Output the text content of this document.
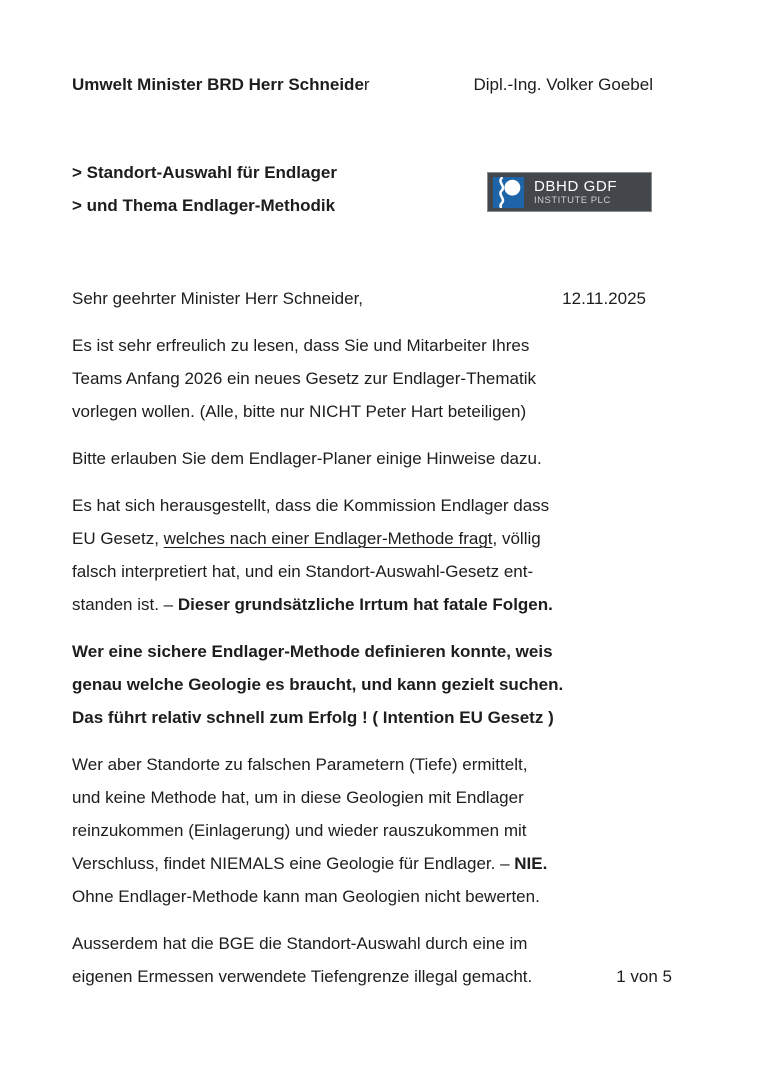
Umwelt Minister BRD Herr Schneider	Dipl.-Ing. Volker Goebel
> Standort-Auswahl für Endlager
> und Thema Endlager-Methodik
DBHD GDF
INSTITUTE PLC
Sehr geehrter Minister Herr Schneider,	12.11.2025
Es ist sehr erfreulich zu lesen, dass Sie und Mitarbeiter Ihres
Teams Anfang 2026 ein neues Gesetz zur Endlager-Thematik
vorlegen wollen. (Alle, bitte nur NICHT Peter Hart beteiligen)
Bitte erlauben Sie dem Endlager-Planer einige Hinweise dazu.
Es hat sich herausgestellt, dass die Kommission Endlager dass
EU Gesetz, welches nach einer Endlager-Methode fragt, völlig
falsch interpretiert hat, und ein Standort-Auswahl-Gesetz ent-
standen ist. – Dieser grundsätzliche Irrtum hat fatale Folgen.
Wer eine sichere Endlager-Methode definieren konnte, weis
genau welche Geologie es braucht, und kann gezielt suchen.
Das führt relativ schnell zum Erfolg ! ( Intention EU Gesetz )
Wer aber Standorte zu falschen Parametern (Tiefe) ermittelt,
und keine Methode hat, um in diese Geologien mit Endlager
reinzukommen (Einlagerung) und wieder rauszukommen mit
Verschluss, findet NIEMALS eine Geologie für Endlager. – NIE.
Ohne Endlager-Methode kann man Geologien nicht bewerten.
Ausserdem hat die BGE die Standort-Auswahl durch eine im
eigenen Ermessen verwendete Tiefengrenze illegal gemacht.	1 von 5
